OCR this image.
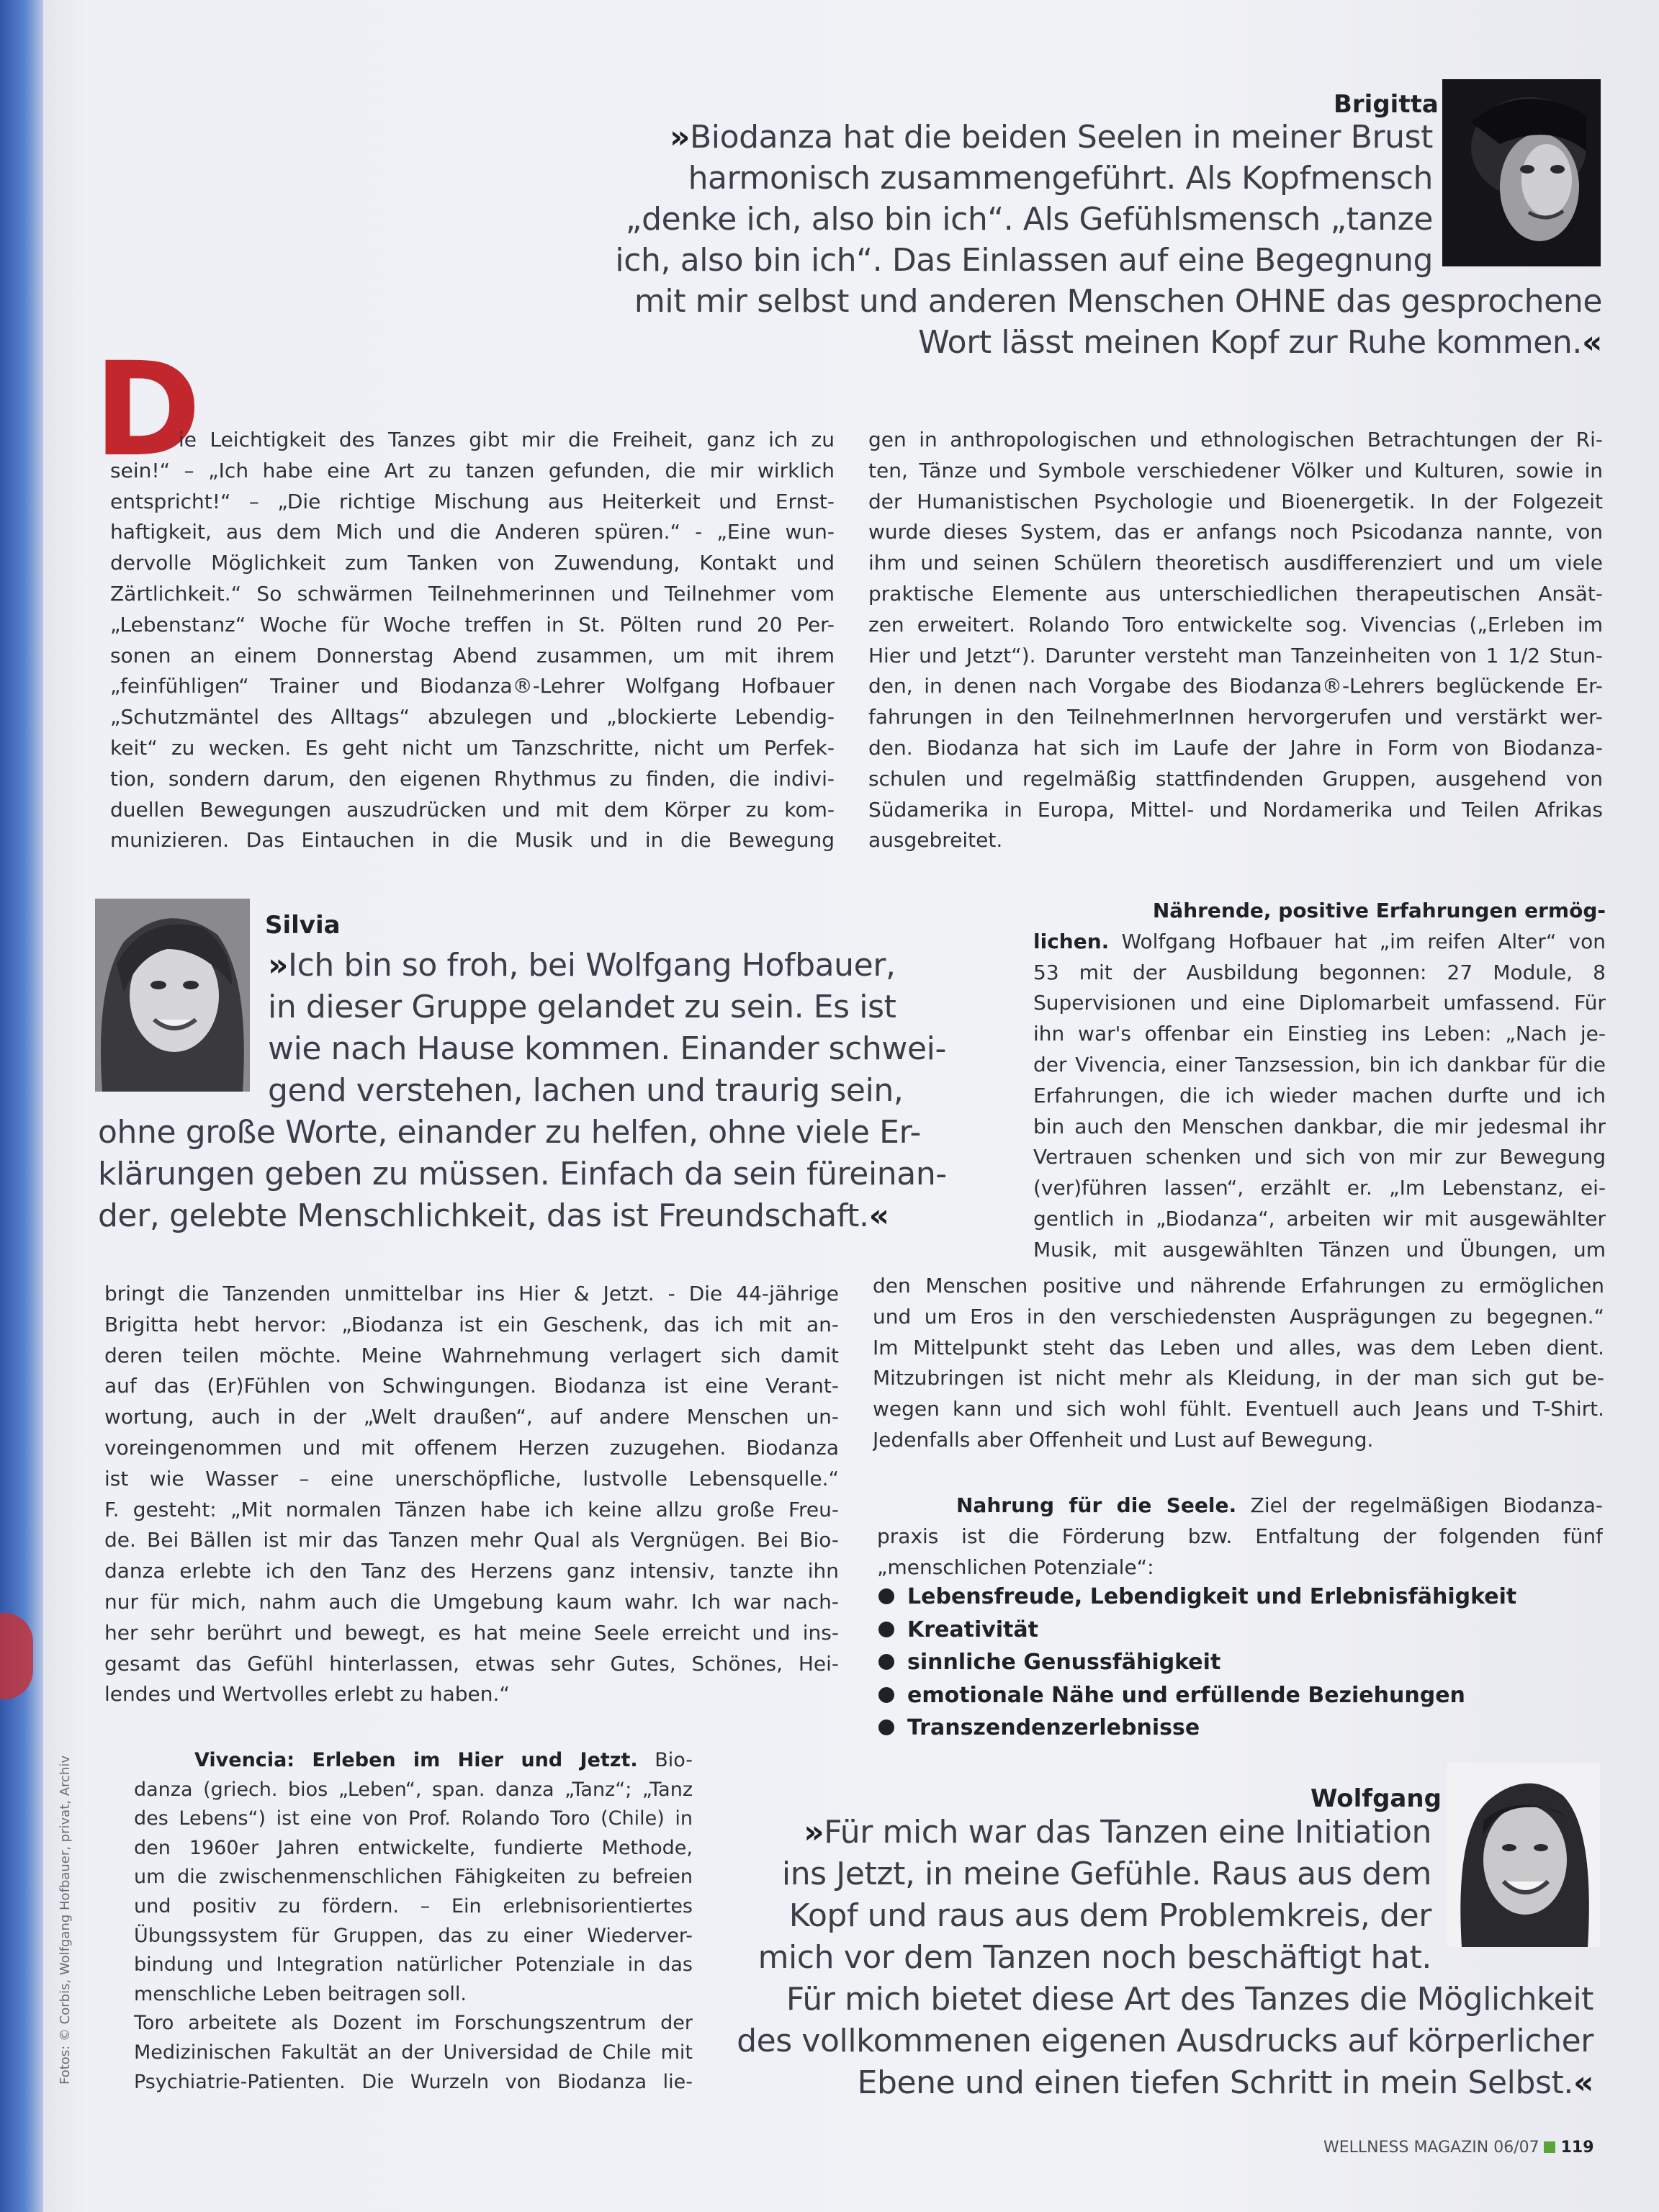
Brigitta
»Biodanza hat die beiden Seelen in meiner Brust
harmonisch zusammengeführt. Als Kopfmensch
„denke ich, also bin ich“. Als Gefühlsmensch „tanze
ich, also bin ich“. Das Einlassen auf eine Begegnung
mit mir selbst und anderen Menschen OHNE das gesprochene
Wort lässt meinen Kopf zur Ruhe kommen.«
D
ie Leichtigkeit des Tanzes gibt mir die Freiheit, ganz ich zu
sein!“ – „Ich habe eine Art zu tanzen gefunden, die mir wirklich
entspricht!“ – „Die richtige Mischung aus Heiterkeit und Ernst-
haftigkeit, aus dem Mich und die Anderen spüren.“ - „Eine wun-
dervolle Möglichkeit zum Tanken von Zuwendung, Kontakt und
Zärtlichkeit.“ So schwärmen Teilnehmerinnen und Teilnehmer vom
„Lebenstanz“ Woche für Woche treffen in St. Pölten rund 20 Per-
sonen an einem Donnerstag Abend zusammen, um mit ihrem
„feinfühligen“ Trainer und Biodanza®-Lehrer Wolfgang Hofbauer
„Schutzmäntel des Alltags“ abzulegen und „blockierte Lebendig-
keit“ zu wecken. Es geht nicht um Tanzschritte, nicht um Perfek-
tion, sondern darum, den eigenen Rhythmus zu finden, die indivi-
duellen Bewegungen auszudrücken und mit dem Körper zu kom-
munizieren. Das Eintauchen in die Musik und in die Bewegung
gen in anthropologischen und ethnologischen Betrachtungen der Ri-
ten, Tänze und Symbole verschiedener Völker und Kulturen, sowie in
der Humanistischen Psychologie und Bioenergetik. In der Folgezeit
wurde dieses System, das er anfangs noch Psicodanza nannte, von
ihm und seinen Schülern theoretisch ausdifferenziert und um viele
praktische Elemente aus unterschiedlichen therapeutischen Ansät-
zen erweitert. Rolando Toro entwickelte sog. Vivencias („Erleben im
Hier und Jetzt“). Darunter versteht man Tanzeinheiten von 1 1/2 Stun-
den, in denen nach Vorgabe des Biodanza®-Lehrers beglückende Er-
fahrungen in den TeilnehmerInnen hervorgerufen und verstärkt wer-
den. Biodanza hat sich im Laufe der Jahre in Form von Biodanza-
schulen und regelmäßig stattfindenden Gruppen, ausgehend von
Südamerika in Europa, Mittel- und Nordamerika und Teilen Afrikas
ausgebreitet.
Silvia
»Ich bin so froh, bei Wolfgang Hofbauer,
in dieser Gruppe gelandet zu sein. Es ist
wie nach Hause kommen. Einander schwei-
gend verstehen, lachen und traurig sein,
ohne große Worte, einander zu helfen, ohne viele Er-
klärungen geben zu müssen. Einfach da sein füreinan-
der, gelebte Menschlichkeit, das ist Freundschaft.«
Nährende, positive Erfahrungen ermög-
lichen. Wolfgang Hofbauer hat „im reifen Alter“ von
53 mit der Ausbildung begonnen: 27 Module, 8
Supervisionen und eine Diplomarbeit umfassend. Für
ihn war's offenbar ein Einstieg ins Leben: „Nach je-
der Vivencia, einer Tanzsession, bin ich dankbar für die
Erfahrungen, die ich wieder machen durfte und ich
bin auch den Menschen dankbar, die mir jedesmal ihr
Vertrauen schenken und sich von mir zur Bewegung
(ver)führen lassen“, erzählt er. „Im Lebenstanz, ei-
gentlich in „Biodanza“, arbeiten wir mit ausgewählter
Musik, mit ausgewählten Tänzen und Übungen, um
den Menschen positive und nährende Erfahrungen zu ermöglichen
und um Eros in den verschiedensten Ausprägungen zu begegnen.“
Im Mittelpunkt steht das Leben und alles, was dem Leben dient.
Mitzubringen ist nicht mehr als Kleidung, in der man sich gut be-
wegen kann und sich wohl fühlt. Eventuell auch Jeans und T-Shirt.
Jedenfalls aber Offenheit und Lust auf Bewegung.
bringt die Tanzenden unmittelbar ins Hier & Jetzt. - Die 44-jährige
Brigitta hebt hervor: „Biodanza ist ein Geschenk, das ich mit an-
deren teilen möchte. Meine Wahrnehmung verlagert sich damit
auf das (Er)Fühlen von Schwingungen. Biodanza ist eine Verant-
wortung, auch in der „Welt draußen“, auf andere Menschen un-
voreingenommen und mit offenem Herzen zuzugehen. Biodanza
ist wie Wasser – eine unerschöpfliche, lustvolle Lebensquelle.“
F. gesteht: „Mit normalen Tänzen habe ich keine allzu große Freu-
de. Bei Bällen ist mir das Tanzen mehr Qual als Vergnügen. Bei Bio-
danza erlebte ich den Tanz des Herzens ganz intensiv, tanzte ihn
nur für mich, nahm auch die Umgebung kaum wahr. Ich war nach-
her sehr berührt und bewegt, es hat meine Seele erreicht und ins-
gesamt das Gefühl hinterlassen, etwas sehr Gutes, Schönes, Hei-
lendes und Wertvolles erlebt zu haben.“
Nahrung für die Seele. Ziel der regelmäßigen Biodanza-
praxis ist die Förderung bzw. Entfaltung der folgenden fünf
„menschlichen Potenziale“:
Lebensfreude, Lebendigkeit und Erlebnisfähigkeit
Kreativität
sinnliche Genussfähigkeit
emotionale Nähe und erfüllende Beziehungen
Transzendenzerlebnisse
Vivencia: Erleben im Hier und Jetzt. Bio-
danza (griech. bios „Leben“, span. danza „Tanz“; „Tanz
des Lebens“) ist eine von Prof. Rolando Toro (Chile) in
den 1960er Jahren entwickelte, fundierte Methode,
um die zwischenmenschlichen Fähigkeiten zu befreien
und positiv zu fördern. – Ein erlebnisorientiertes
Übungssystem für Gruppen, das zu einer Wiederver-
bindung und Integration natürlicher Potenziale in das
menschliche Leben beitragen soll.
Toro arbeitete als Dozent im Forschungszentrum der
Medizinischen Fakultät an der Universidad de Chile mit
Psychiatrie-Patienten. Die Wurzeln von Biodanza lie-
Wolfgang
»Für mich war das Tanzen eine Initiation
ins Jetzt, in meine Gefühle. Raus aus dem
Kopf und raus aus dem Problemkreis, der
mich vor dem Tanzen noch beschäftigt hat.
Für mich bietet diese Art des Tanzes die Möglichkeit
des vollkommenen eigenen Ausdrucks auf körperlicher
Ebene und einen tiefen Schritt in mein Selbst.«
Fotos: © Corbis, Wolfgang Hofbauer, privat, Archiv
WELLNESS MAGAZIN 06/07 119
